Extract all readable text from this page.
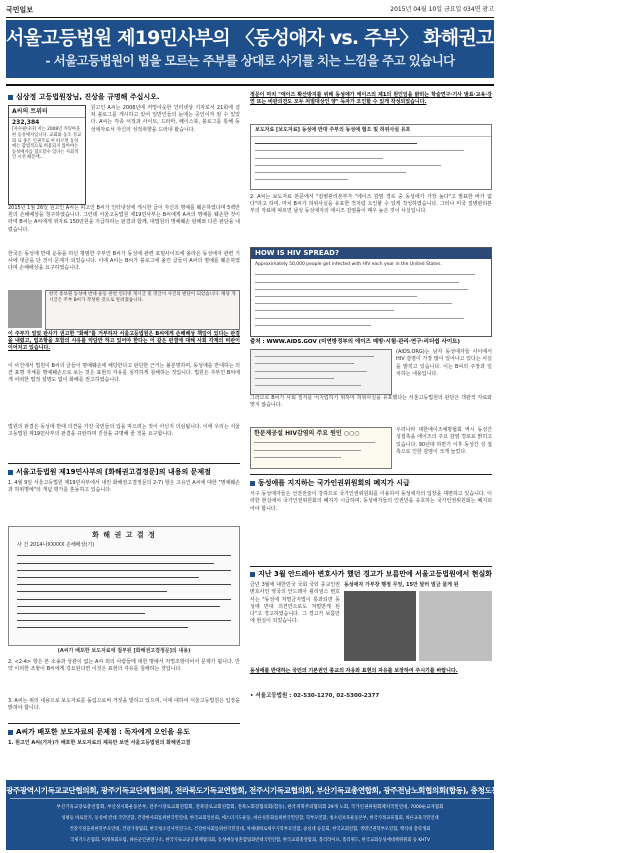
국민일보	2015년 04월 10일 금요일 034면 광고
서울고등법원 제19민사부의 〈동성애자 vs. 주부〉 화해권고결정을 규탄합니다
- 서울고등법원이 법을 모르는 주부를 상대로 사기를 치는 느낌을 주고 있습니다
심상정 고등법원장님, 진상을 규명해 주십시오.
A씨의 트위터
232,384
[자수필나다] 저는 2008년 커밍아웃한 동성애자입니다. 교회와 동조 성교회 표 종은 인권주로 여 따르면 동성애는 합법적으로 허용되지 않아야는 동성애자를 혐오할수 있다는 사회적인 시선 때문에...
원고인 A씨는 2008년에 커밍아웃한 인터넷상 기자로서 21회에 걸쳐 블로그를 게시하고 있어 일반인들의 눈에는 공인이자 알 수 있었다. A씨는 각종 서적과 사이트, 드라마, 페이스북, 블로그를 통해 동성애자로서 자신의 성적취향을 드러내 왔습니다.
2015년 1월 26일 원고인 A씨는 피고인 B씨가 인터넷상에 게시한 글이 자신의 명예를 훼손하였다며 5백만원의 손해배상을 청구하였습니다. 그런데 서울고등법원 제19민사부는 B씨에게 A씨의 명예를 훼손한 것이라며 B씨는 A씨에게 위자료 150만원을 지급하라는 판결과 함께, 대법원의 명예훼손 판례와 다른 판단을 내렸습니다.
한국은 동성애 반대 운동을 하던 평범한 주부인 B씨가 동성애 관련 포털사이트에 올라온 동성애자 관련 기사에 댓글을 단 것이 문제가 되었습니다. 이에 A씨는 B씨가 블로그에 올린 글들이 A씨의 명예를 훼손하였다며 손해배상을 요구하였습니다.
한국 중보원 동성애 반대 운동 관련 인터넷 게시글 및 댓글이 사건의 발단이 되었습니다. 해당 게시글은 주부 B씨가 작성한 것으로 알려졌습니다.
이 주부가 얼었 판사가 권고한 "화해"를 거부하자 서울고등법원은 B씨에게 손해배상 책임이 있다는 판결을 내렸고, 법조항을 포함의 사유를 악담만 하고 있어야 한다는 이 같은 판결에 대해 사회 각계의 비판이 이어지고 있습니다.
이 사건에서 법원이 B씨의 글들이 명예훼손에 해당한다고 판단한 근거는 불분명하며, 동성애를 반대하는 의견 표명 자체를 명예훼손으로 보는 것은 표현의 자유를 심각하게 침해하는 것입니다. 법원은 주부인 B씨에게 어떠한 법적 설명도 없이 화해를 권고하였습니다.
법원의 판결은 동성애 반대 의견을 가진 국민들의 입을 막으려는 것이 아닌지 의심됩니다. 이에 우리는 서울고등법원 제19민사부의 판결을 규탄하며 진상을 규명해 줄 것을 요구합니다.
서울고등법원 제19민사부의 [화해권고결정문]의 내용의 문제점
1. 4월 9일 서울고등법원 제19민사부에서 내린 화해권고결정문의 2-7) 항은 고유인 A씨에 대한 "명예훼손과 허위명예"의 개념 평가를 혼동하고 있습니다.
화 해 권 고 결 정
사 건 2014나XXXXX 손해배상(기)
(A씨가 배포한 보도자료에 첨부된 [화해권고결정문]의 내용)
2. <2-4> 항은 본 소송과 상관이 없는 A씨 외의 사람들에 대한 명예서 처벌조항이어서 문제가 됩니다. 만약 이러한 조항이 B씨에게 강요된다면 이것은 표현의 자유를 침해하는 것입니다.
3. A씨는 위의 내용으로 보도자료를 돌림으로써 거짓을 말하고 있으며, 이에 대하여 서울고등법원은 입장을 밝혀야 합니다.
A씨가 배포한 보도자료의 문제점 : 독자에게 오인을 유도
1. 원고인 A씨(가자)가 배포한 보도자료의 제목만 보면 서울고등법원의 화해권고결
정문이 마치 "에이즈 확산방지를 위해 동성애가 에이즈의 제1의 원인임을 밝히는 학술연구·기사 발표·교육·강연 또는 비판의견도 모두 처벌대상인 양" 독자가 오인할 수 있게 작성되었습니다.
보도자료 [보도자료] 동성애 반대 주부의 동성애 혐오 및 허위사실 유포
2. A씨는 보도자료 본문에서 "질병관리본부가 "에이즈 감염 경로 중 동성애가 가장 높다"고 발표한 바가 없다"라고 하며, 마치 B씨가 허위사실을 유포한 것처럼 오인할 수 있게 작성하였습니다. 그러나 미국 질병관리본부의 자료에 따르면 남성 동성애자의 에이즈 감염률이 매우 높은 것이 사실입니다.
HOW IS HIV SPREAD?
Approximately 50,000 people get infected with HIV each year in the United States.
출처 : WWW.AIDS.GOV (미연방정부의 에이즈 예방·시험·관리·연구·리더쉽 사이트)
(AIDS.ORG)는 남자 동성애자들 사이에서 HIV 감염이 가장 많이 일어나고 있다는 사실을 밝히고 있습니다. 이는 B씨의 주장과 일치하는 내용입니다.
그러므로 B씨가 사회 질서를 어지럽히기 위하여 허위사실을 유포했다는 서울고등법원의 판단은 객관적 자료와 맞지 않습니다.
한문제공설 HIV감염의 주요 원인 ○○○	우리나라 대한에이즈예방협회 역시 동성간 성접촉을 에이즈의 주요 감염 경로로 밝히고 있습니다. 90년대 하반기 이후 동성간 성 접촉으로 인한 감염이 크게 늘었다.
동성애를 지지하는 국가인권위원회의 폐지가 시급
서구 동성애자들은 선전전술이 강하므로 국가인권위원회를 이용하여 동성애자의 입장을 대변하고 있습니다. 이러한 현실에서 국가인권위원회의 폐지가 시급하며, 동성애자들의 인권만을 옹호하는 국가인권위원회는 폐지되어야 합니다.
지난 3월 안드레아 변호사가 했던 경고가 보름만에 서울고등법원에서 현실화
금년 3월에 대한민국 국회 국외 종교인권 변호사인 영국의 안드레아 윌리엄스 변호사는 "동성애 처벌금지법이 통과되면 동성애 반대 의견만으로도 처벌받게 된다"고 경고하였습니다. 그 경고가 보름만에 현실이 되었습니다.
동성애자 가부장 행정 무엇, 15만 달러 벌금 물게 된
동성애를 반대하는 국민의 기본권인 종교의 자유와 표현의 자유를 보장하여 주시기를 바랍니다.
• 서울고등법원 : 02-530-1270, 02-5300-2377
광주광역시기독교교단협의회, 광주기독교단체협의회, 전라북도기독교연합회, 전주시기독교협의회, 부산기독교총연합회, 광주전남노회협의회(합동), 충청도동성애반대연합
부산기독교장로총연합회, 부산성시화운동본부, 전주시장로교회연합회, 전북장로교회연합회, 전북노회장협의회(합동), 한국개혁주의협의회 29개 노회, 국가인권위원회폐지국민연대, 7000순교자협회
성평등 바로알기, 동성애 반대 국민연합, 건강한사회를위한국민연대, 한국교회언론회, 에스더기도운동, 바른성문화를위한국민연합, 학부모연합, 청소년보호운동본부, 한국가정교육협회, 바른교육국민연대
건강가정을위한학부모연대, 건강가정협회, 한국청소년사역연구소, 건강한사회를위한국민연대, 차세대바로세우기학부모연합, 숭실대 동문회, 한국교회연합, 생명인권학부모연합, 백석대 총학생회
국제기드온협회, 미래목회포럼, 바른군인권연구소, 한국기독교공공정책협의회, 동성애동성혼합법화반대국민연합, 한국교회총연합회, 홀리라이프, 홀리위드, 한국교회동성애대책위원회 등 KHTV
